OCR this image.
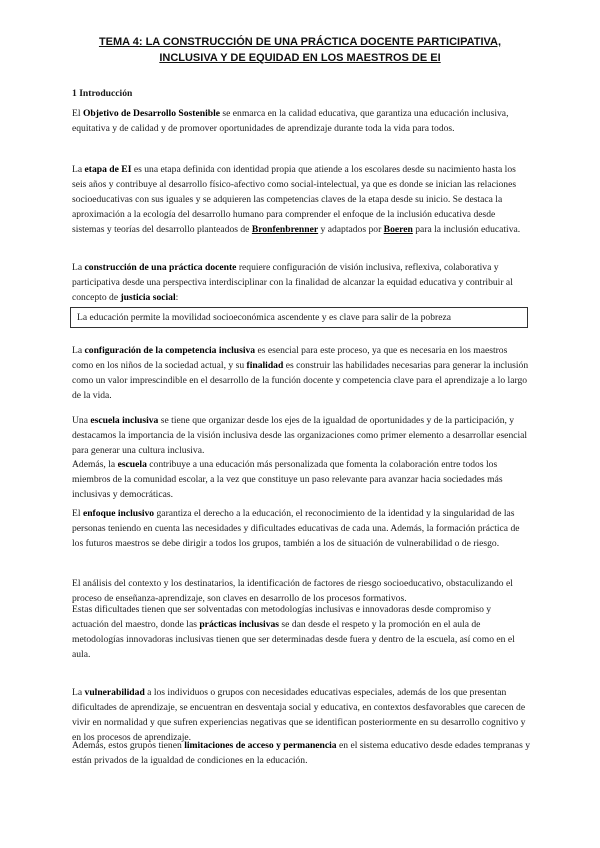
TEMA 4: LA CONSTRUCCIÓN DE UNA PRÁCTICA DOCENTE PARTICIPATIVA,
INCLUSIVA Y DE EQUIDAD EN LOS MAESTROS DE EI
1 Introducción
El Objetivo de Desarrollo Sostenible se enmarca en la calidad educativa, que garantiza una educación inclusiva, equitativa y de calidad y de promover oportunidades de aprendizaje durante toda la vida para todos.
La etapa de EI es una etapa definida con identidad propia que atiende a los escolares desde su nacimiento hasta los seis años y contribuye al desarrollo físico-afectivo como social-intelectual, ya que es donde se inician las relaciones socioeducativas con sus iguales y se adquieren las competencias claves de la etapa desde su inicio. Se destaca la aproximación a la ecología del desarrollo humano para comprender el enfoque de la inclusión educativa desde sistemas y teorías del desarrollo planteados de Bronfenbrenner y adaptados por Boeren para la inclusión educativa.
La construcción de una práctica docente requiere configuración de visión inclusiva, reflexiva, colaborativa y participativa desde una perspectiva interdisciplinar con la finalidad de alcanzar la equidad educativa y contribuir al concepto de justicia social:
La educación permite la movilidad socioeconómica ascendente y es clave para salir de la pobreza
La configuración de la competencia inclusiva es esencial para este proceso, ya que es necesaria en los maestros como en los niños de la sociedad actual, y su finalidad es construir las habilidades necesarias para generar la inclusión como un valor imprescindible en el desarrollo de la función docente y competencia clave para el aprendizaje a lo largo de la vida.
Una escuela inclusiva se tiene que organizar desde los ejes de la igualdad de oportunidades y de la participación, y destacamos la importancia de la visión inclusiva desde las organizaciones como primer elemento a desarrollar esencial para generar una cultura inclusiva.
Además, la escuela contribuye a una educación más personalizada que fomenta la colaboración entre todos los miembros de la comunidad escolar, a la vez que constituye un paso relevante para avanzar hacia sociedades más inclusivas y democráticas.
El enfoque inclusivo garantiza el derecho a la educación, el reconocimiento de la identidad y la singularidad de las personas teniendo en cuenta las necesidades y dificultades educativas de cada una. Además, la formación práctica de los futuros maestros se debe dirigir a todos los grupos, también a los de situación de vulnerabilidad o de riesgo.
El análisis del contexto y los destinatarios, la identificación de factores de riesgo socioeducativo, obstaculizando el proceso de enseñanza-aprendizaje, son claves en desarrollo de los procesos formativos.
Estas dificultades tienen que ser solventadas con metodologías inclusivas e innovadoras desde compromiso y actuación del maestro, donde las prácticas inclusivas se dan desde el respeto y la promoción en el aula de metodologías innovadoras inclusivas tienen que ser determinadas desde fuera y dentro de la escuela, así como en el aula.
La vulnerabilidad a los individuos o grupos con necesidades educativas especiales, además de los que presentan dificultades de aprendizaje, se encuentran en desventaja social y educativa, en contextos desfavorables que carecen de vivir en normalidad y que sufren experiencias negativas que se identifican posteriormente en su desarrollo cognitivo y en los procesos de aprendizaje.
Además, estos grupos tienen limitaciones de acceso y permanencia en el sistema educativo desde edades tempranas y están privados de la igualdad de condiciones en la educación.
